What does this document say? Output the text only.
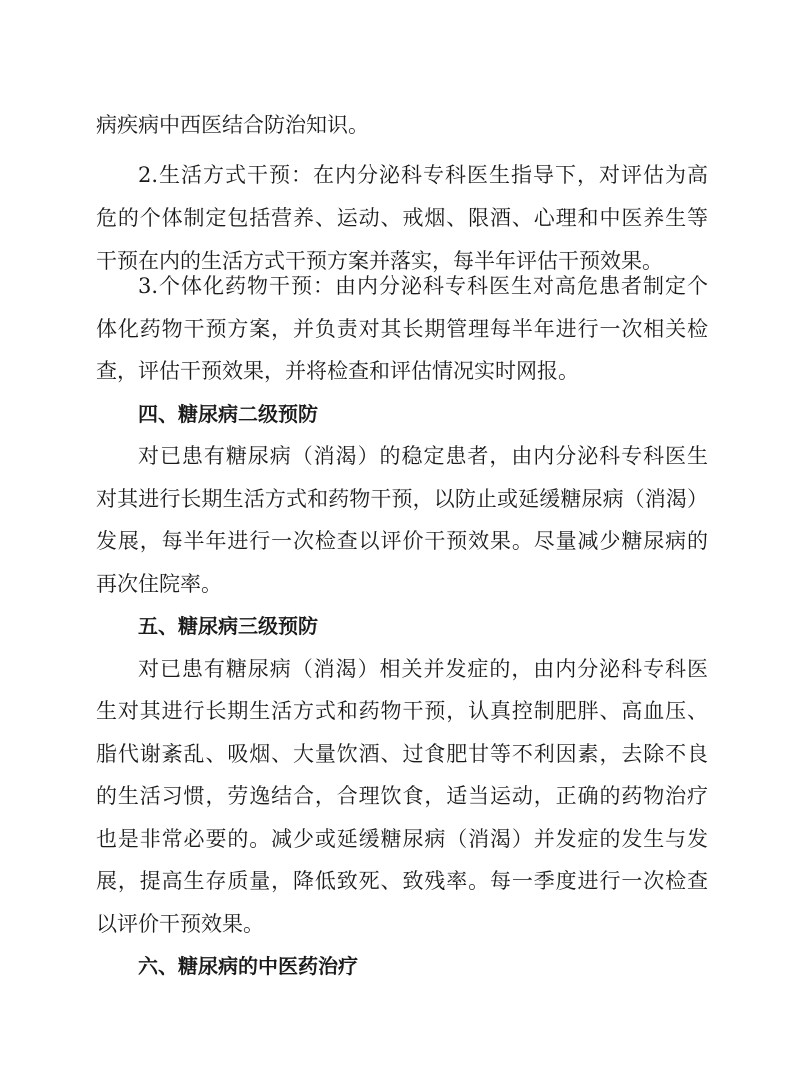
病疾病中西医结合防治知识。
2.生活方式干预：在内分泌科专科医生指导下，对评估为高
危的个体制定包括营养、运动、戒烟、限酒、心理和中医养生等
干预在内的生活方式干预方案并落实，每半年评估干预效果。
3.个体化药物干预：由内分泌科专科医生对高危患者制定个
体化药物干预方案，并负责对其长期管理每半年进行一次相关检
查，评估干预效果，并将检查和评估情况实时网报。
四、糖尿病二级预防
对已患有糖尿病（消渴）的稳定患者，由内分泌科专科医生
对其进行长期生活方式和药物干预，以防止或延缓糖尿病（消渴）
发展，每半年进行一次检查以评价干预效果。尽量减少糖尿病的
再次住院率。
五、糖尿病三级预防
对已患有糖尿病（消渴）相关并发症的，由内分泌科专科医
生对其进行长期生活方式和药物干预，认真控制肥胖、高血压、
脂代谢紊乱、吸烟、大量饮酒、过食肥甘等不利因素，去除不良
的生活习惯，劳逸结合，合理饮食，适当运动，正确的药物治疗
也是非常必要的。减少或延缓糖尿病（消渴）并发症的发生与发
展，提高生存质量，降低致死、致残率。每一季度进行一次检查
以评价干预效果。
六、糖尿病的中医药治疗
